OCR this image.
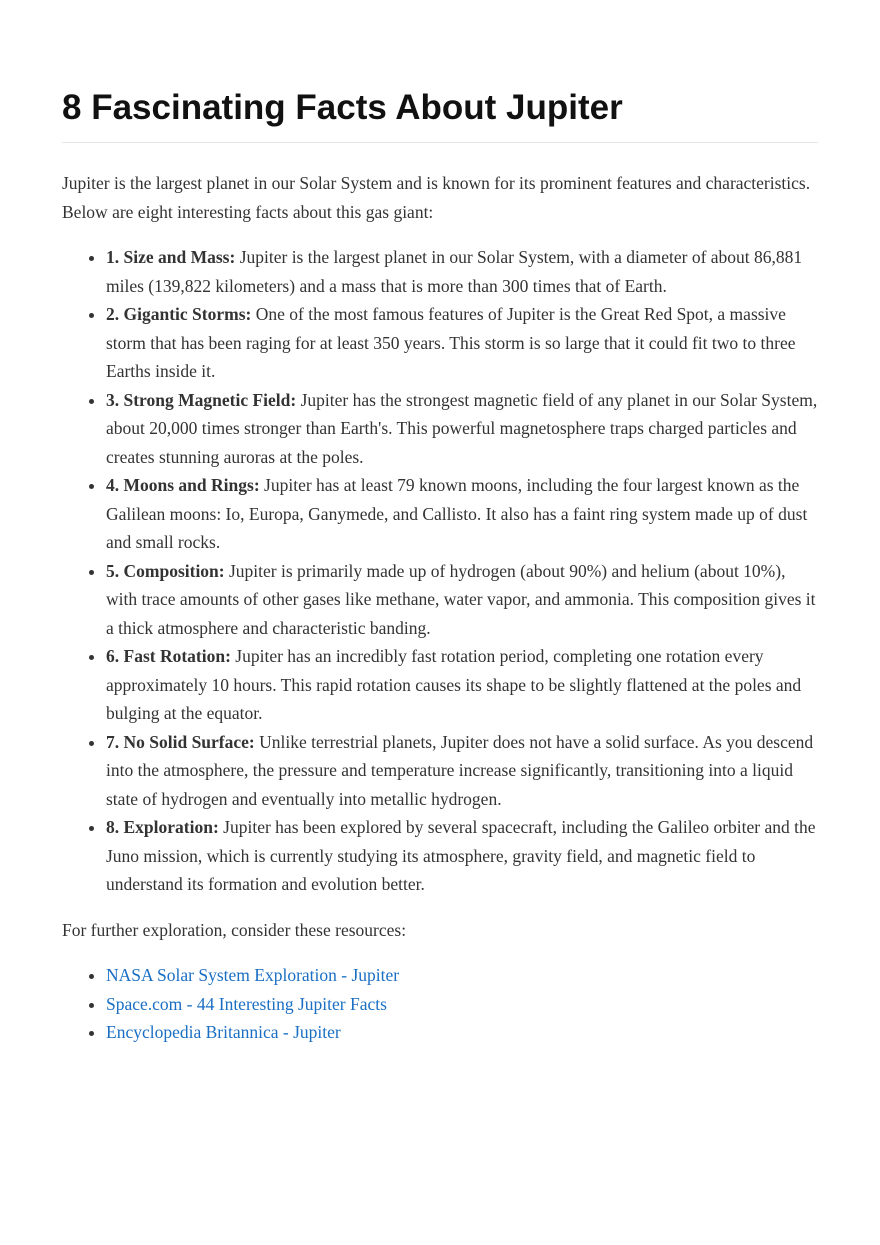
8 Fascinating Facts About Jupiter

Jupiter is the largest planet in our Solar System and is known for its prominent features and characteristics. Below are eight interesting facts about this gas giant:

• 1. Size and Mass: Jupiter is the largest planet in our Solar System, with a diameter of about 86,881 miles (139,822 kilometers) and a mass that is more than 300 times that of Earth.
• 2. Gigantic Storms: One of the most famous features of Jupiter is the Great Red Spot, a massive storm that has been raging for at least 350 years. This storm is so large that it could fit two to three Earths inside it.
• 3. Strong Magnetic Field: Jupiter has the strongest magnetic field of any planet in our Solar System, about 20,000 times stronger than Earth's. This powerful magnetosphere traps charged particles and creates stunning auroras at the poles.
• 4. Moons and Rings: Jupiter has at least 79 known moons, including the four largest known as the Galilean moons: Io, Europa, Ganymede, and Callisto. It also has a faint ring system made up of dust and small rocks.
• 5. Composition: Jupiter is primarily made up of hydrogen (about 90%) and helium (about 10%), with trace amounts of other gases like methane, water vapor, and ammonia. This composition gives it a thick atmosphere and characteristic banding.
• 6. Fast Rotation: Jupiter has an incredibly fast rotation period, completing one rotation every approximately 10 hours. This rapid rotation causes its shape to be slightly flattened at the poles and bulging at the equator.
• 7. No Solid Surface: Unlike terrestrial planets, Jupiter does not have a solid surface. As you descend into the atmosphere, the pressure and temperature increase significantly, transitioning into a liquid state of hydrogen and eventually into metallic hydrogen.
• 8. Exploration: Jupiter has been explored by several spacecraft, including the Galileo orbiter and the Juno mission, which is currently studying its atmosphere, gravity field, and magnetic field to understand its formation and evolution better.

For further exploration, consider these resources:

• NASA Solar System Exploration - Jupiter
• Space.com - 44 Interesting Jupiter Facts
• Encyclopedia Britannica - Jupiter
